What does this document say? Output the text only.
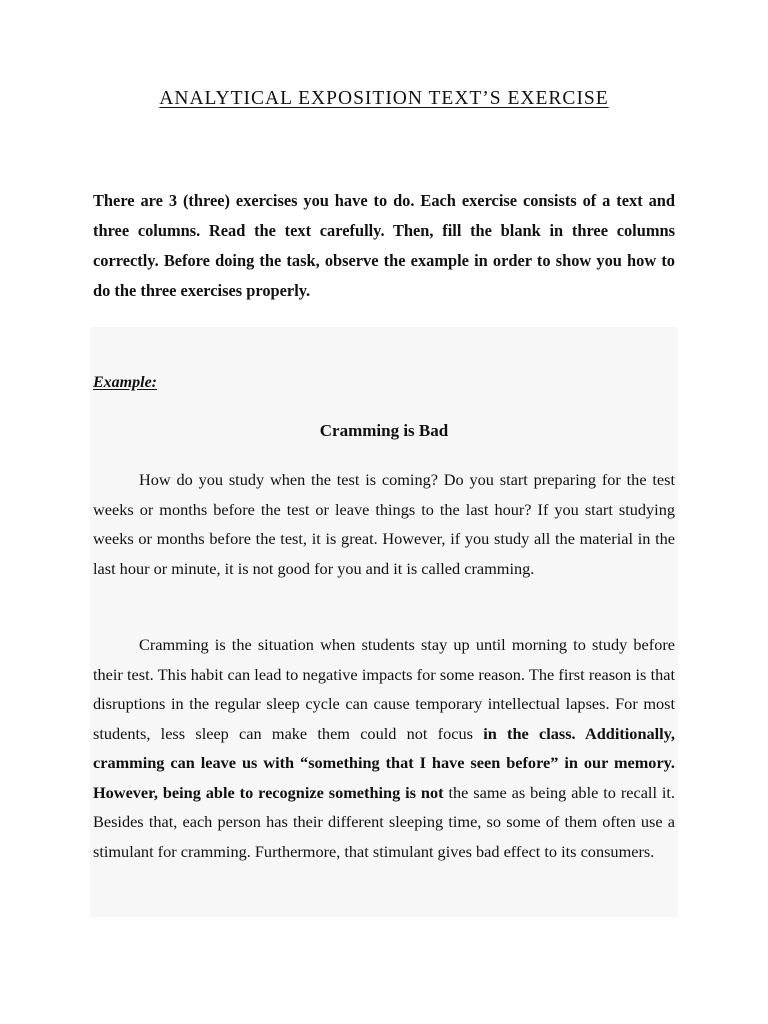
ANALYTICAL EXPOSITION TEXT’S EXERCISE

There are 3 (three) exercises you have to do. Each exercise consists of a text and three columns. Read the text carefully. Then, fill the blank in three columns correctly. Before doing the task, observe the example in order to show you how to do the three exercises properly.

Example:

Cramming is Bad

How do you study when the test is coming? Do you start preparing for the test weeks or months before the test or leave things to the last hour? If you start studying weeks or months before the test, it is great. However, if you study all the material in the last hour or minute, it is not good for you and it is called cramming.

Cramming is the situation when students stay up until morning to study before their test. This habit can lead to negative impacts for some reason. The first reason is that disruptions in the regular sleep cycle can cause temporary intellectual lapses. For most students, less sleep can make them could not focus in the class. Additionally, cramming can leave us with “something that I have seen before” in our memory. However, being able to recognize something is not the same as being able to recall it. Besides that, each person has their different sleeping time, so some of them often use a stimulant for cramming. Furthermore, that stimulant gives bad effect to its consumers.
